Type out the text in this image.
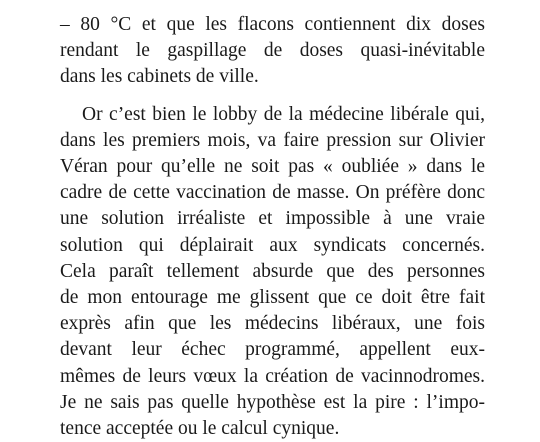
– 80 °C et que les flacons contiennent dix doses
rendant le gaspillage de doses quasi-inévitable
dans les cabinets de ville.
Or c’est bien le lobby de la médecine libérale qui,
dans les premiers mois, va faire pression sur Olivier
Véran pour qu’elle ne soit pas « oubliée » dans le
cadre de cette vaccination de masse. On préfère donc
une solution irréaliste et impossible à une vraie
solution qui déplairait aux syndicats concernés.
Cela paraît tellement absurde que des personnes
de mon entourage me glissent que ce doit être fait
exprès afin que les médecins libéraux, une fois
devant leur échec programmé, appellent eux-
mêmes de leurs vœux la création de vacinnodromes.
Je ne sais pas quelle hypothèse est la pire : l’impo-
tence acceptée ou le calcul cynique.
